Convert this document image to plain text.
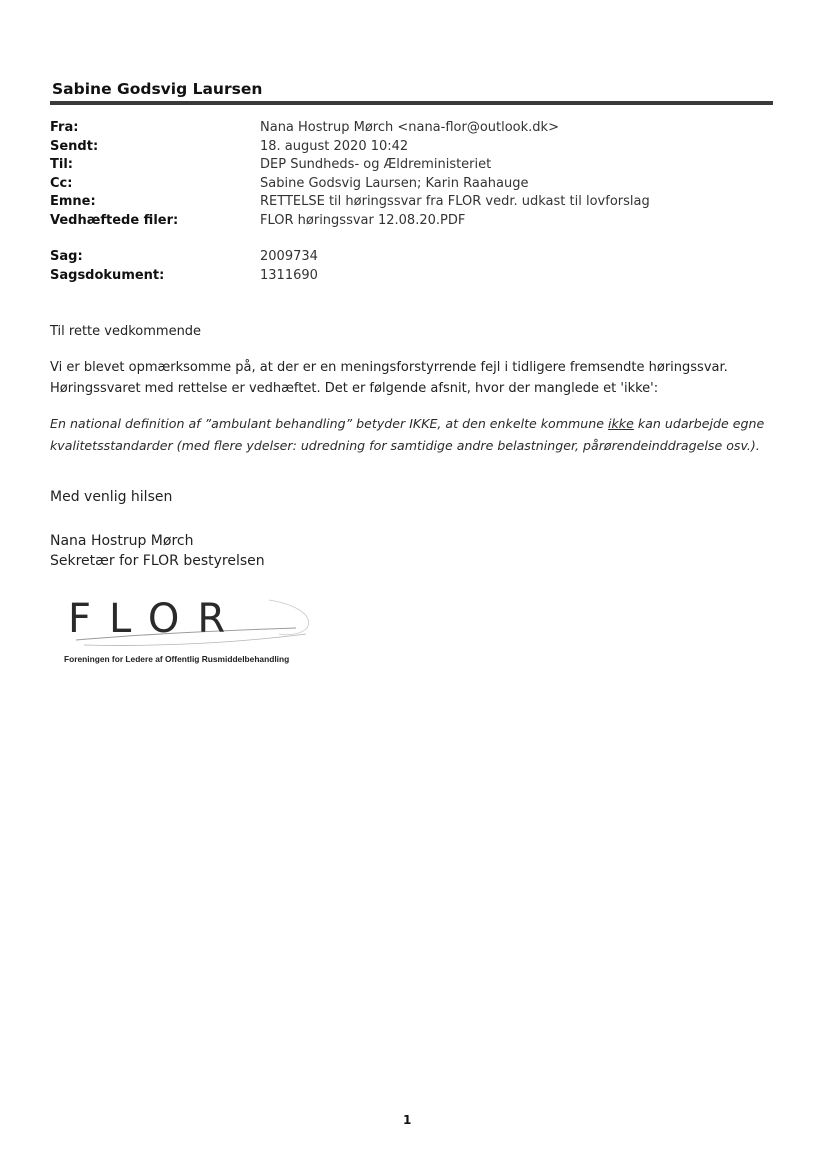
Sabine Godsvig Laursen
Fra:	Nana Hostrup Mørch <nana-flor@outlook.dk>
Sendt:	18. august 2020 10:42
Til:	DEP Sundheds- og Ældreministeriet
Cc:	Sabine Godsvig Laursen; Karin Raahauge
Emne:	RETTELSE til høringssvar fra FLOR vedr. udkast til lovforslag
Vedhæftede filer:	FLOR høringssvar 12.08.20.PDF
Sag:	2009734
Sagsdokument:	1311690
Til rette vedkommende
Vi er blevet opmærksomme på, at der er en meningsforstyrrende fejl i tidligere fremsendte høringssvar.
Høringssvaret med rettelse er vedhæftet. Det er følgende afsnit, hvor der manglede et 'ikke':
En national definition af ”ambulant behandling” betyder IKKE, at den enkelte kommune ikke kan udarbejde egne
kvalitetsstandarder (med flere ydelser: udredning for samtidige andre belastninger, pårørendeinddragelse osv.).
Med venlig hilsen
Nana Hostrup Mørch
Sekretær for FLOR bestyrelsen
FLOR
Foreningen for Ledere af Offentlig Rusmiddelbehandling
1
